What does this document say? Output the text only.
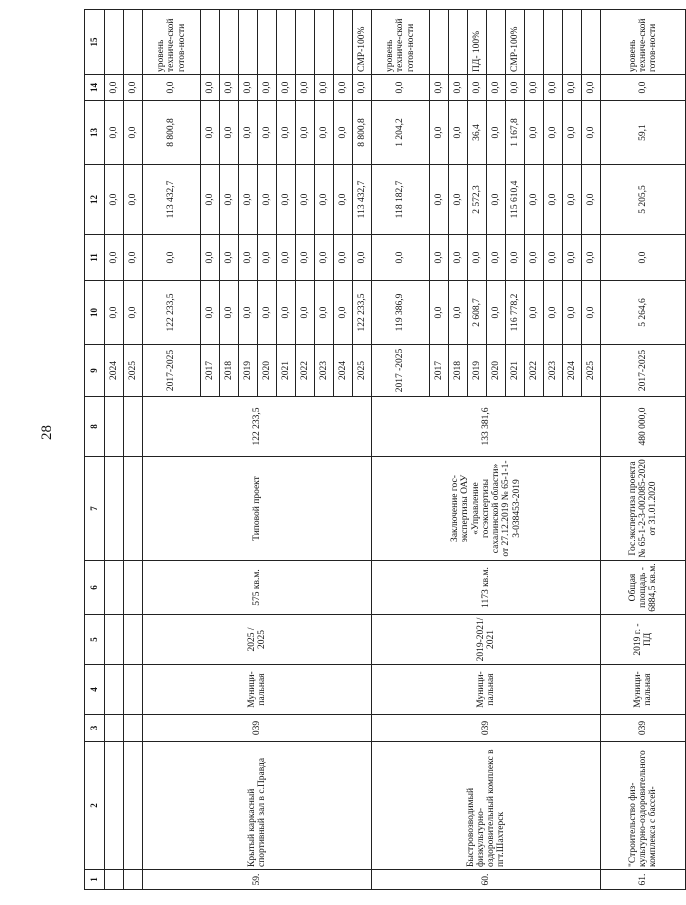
28
1	2	3	4	5	6	7	8	9	10	11	12	13	14	15
								2024	0,0	0,0	0,0	0,0	0,0	
								2025	0,0	0,0	0,0	0,0	0,0	
59.	Крытый каркасный спортивный зал в с.Правда	039	Муници-пальная	2025 / 2025	575 кв.м.	Типовой проект	122 233,5	2017-2025	122 233,5	0,0	113 432,7	8 800,8	0,0	уровень техниче-ской готов-ности
								2017	0,0	0,0	0,0	0,0	0,0	
								2018	0,0	0,0	0,0	0,0	0,0	
								2019	0,0	0,0	0,0	0,0	0,0	
								2020	0,0	0,0	0,0	0,0	0,0	
								2021	0,0	0,0	0,0	0,0	0,0	
								2022	0,0	0,0	0,0	0,0	0,0	
								2023	0,0	0,0	0,0	0,0	0,0	
								2024	0,0	0,0	0,0	0,0	0,0	
								2025	122 233,5	0,0	113 432,7	8 800,8	0,0	СМР-100%
60.	Быстровозводимый физкультурно-оздоровительный комплекс в пгт.Шахтерск	039	Муници-пальная	2019-2021/ 2021	1173 кв.м.	Заключение гос-экспертизы ОАУ «Управление госэкспертизы сахалинской области» от 27.12.2019 № 65-1-1-3-038453-2019	133 381,6	2017 -2025	119 386,9	0,0	118 182,7	1 204,2	0,0	уровень техниче-ской готов-ности
								2017	0,0	0,0	0,0	0,0	0,0	
								2018	0,0	0,0	0,0	0,0	0,0	
								2019	2 608,7	0,0	2 572,3	36,4	0,0	ПД- 100%
								2020	0,0	0,0	0,0	0,0	0,0	
								2021	116 778,2	0,0	115 610,4	1 167,8	0,0	СМР-100%
								2022	0,0	0,0	0,0	0,0	0,0	
								2023	0,0	0,0	0,0	0,0	0,0	
								2024	0,0	0,0	0,0	0,0	0,0	
								2025	0,0	0,0	0,0	0,0	0,0	
61.	"Строительство физ-культурно-оздоровительного комплекса с бассей-	039	Муници-пальная	2019 г. - ПД	Общая площадь - 6884,5 кв.м.	Гос.экспертиза проекта № 65-1-2-3-002085-2020 от 31.01.2020	480 000,0	2017-2025	5 264,6	0,0	5 205,5	59,1	0,0	уровень техниче-ской готов-ности
